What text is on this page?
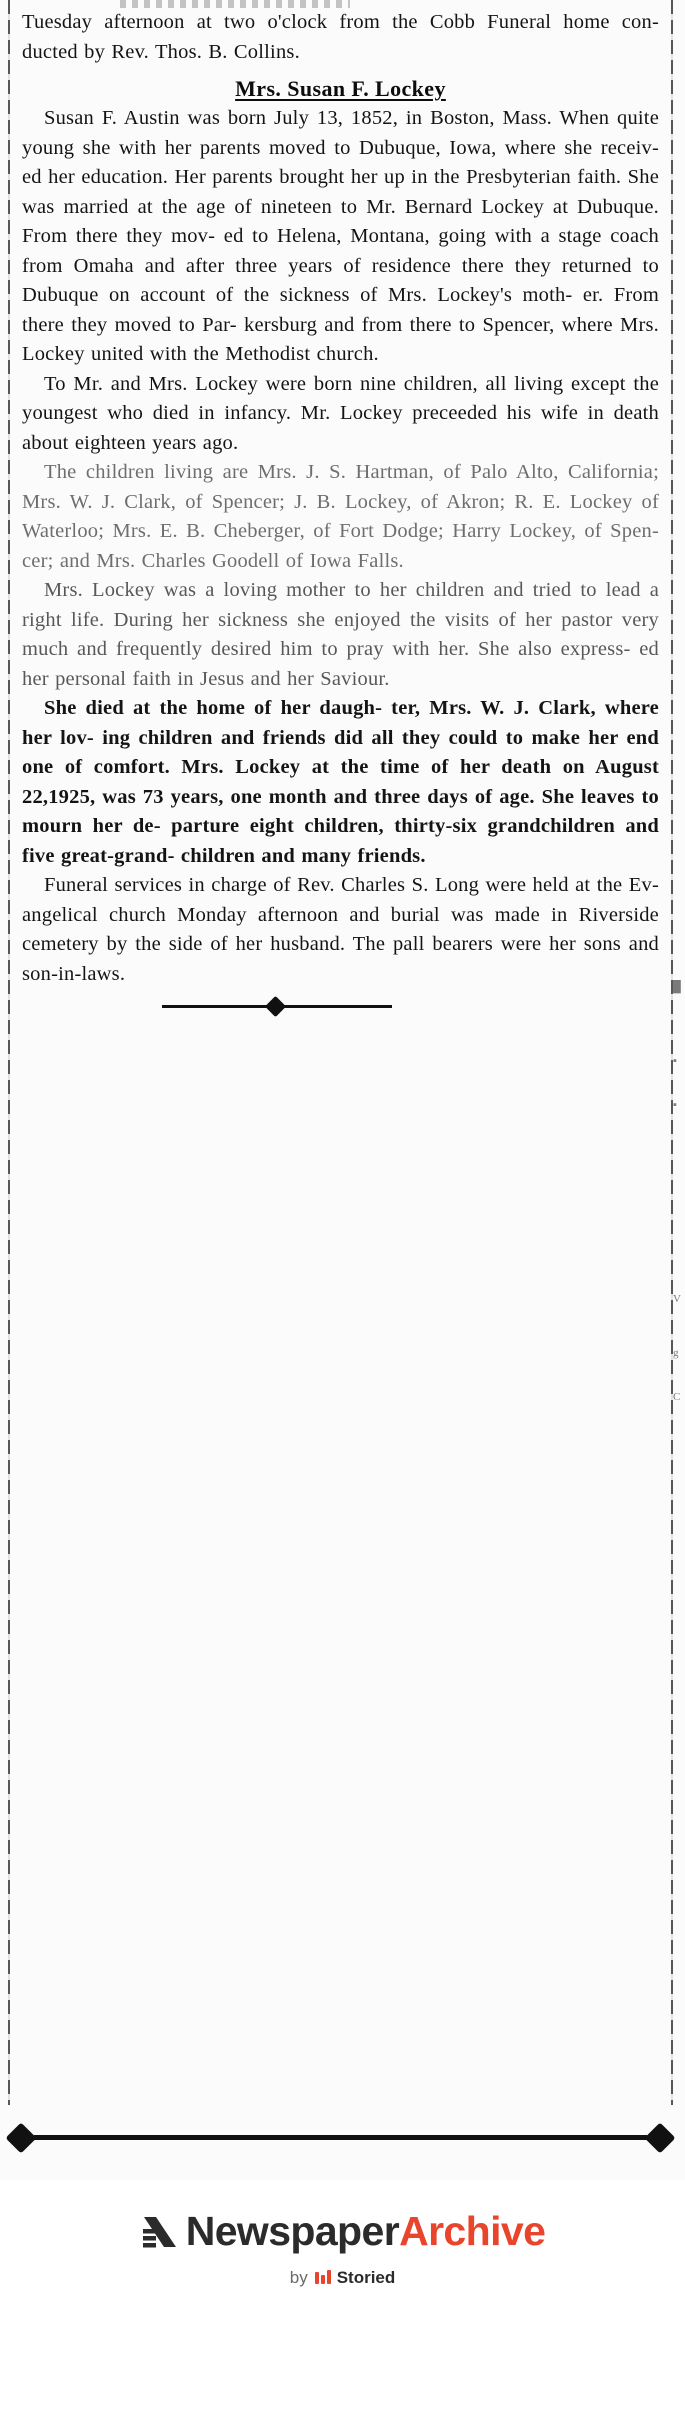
█
▪
▪
V
g
C

Tuesday afternoon at two o'clock from the Cobb Funeral home con- ducted by Rev. Thos. B. Collins.

Mrs. Susan F. Lockey

Susan F. Austin was born July 13, 1852, in Boston, Mass. When quite young she with her parents moved to Dubuque, Iowa, where she receiv- ed her education. Her parents brought her up in the Presbyterian faith. She was married at the age of nineteen to Mr. Bernard Lockey at Dubuque. From there they mov- ed to Helena, Montana, going with a stage coach from Omaha and after three years of residence there they returned to Dubuque on account of the sickness of Mrs. Lockey's moth- er. From there they moved to Par- kersburg and from there to Spencer, where Mrs. Lockey united with the Methodist church.

To Mr. and Mrs. Lockey were born nine children, all living except the youngest who died in infancy. Mr. Lockey preceeded his wife in death about eighteen years ago.

The children living are Mrs. J. S. Hartman, of Palo Alto, California; Mrs. W. J. Clark, of Spencer; J. B. Lockey, of Akron; R. E. Lockey of Waterloo; Mrs. E. B. Cheberger, of Fort Dodge; Harry Lockey, of Spen- cer; and Mrs. Charles Goodell of Iowa Falls.

Mrs. Lockey was a loving mother to her children and tried to lead a right life. During her sickness she enjoyed the visits of her pastor very much and frequently desired him to pray with her. She also express- ed her personal faith in Jesus and her Saviour.

She died at the home of her daugh- ter, Mrs. W. J. Clark, where her lov- ing children and friends did all they could to make her end one of comfort. Mrs. Lockey at the time of her death on August 22,1925, was 73 years, one month and three days of age. She leaves to mourn her de- parture eight children, thirty-six grandchildren and five great-grand- children and many friends.

Funeral services in charge of Rev. Charles S. Long were held at the Ev- angelical church Monday afternoon and burial was made in Riverside cemetery by the side of her husband. The pall bearers were her sons and son-in-laws.

NewspaperArchive
by Storied
